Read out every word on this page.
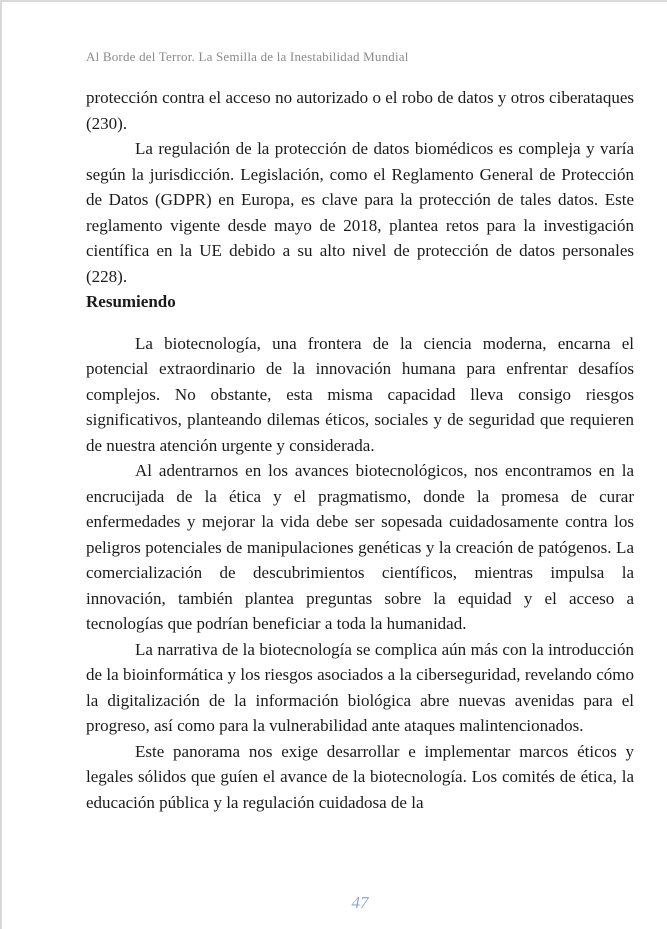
Al Borde del Terror. La Semilla de la Inestabilidad Mundial

protección contra el acceso no autorizado o el robo de datos y otros ciberataques (230).

La regulación de la protección de datos biomédicos es compleja y varía según la jurisdicción. Legislación, como el Reglamento General de Protección de Datos (GDPR) en Europa, es clave para la protección de tales datos. Este reglamento vigente desde mayo de 2018, plantea retos para la investigación científica en la UE debido a su alto nivel de protección de datos personales (228).

Resumiendo

La biotecnología, una frontera de la ciencia moderna, encarna el potencial extraordinario de la innovación humana para enfrentar desafíos complejos. No obstante, esta misma capacidad lleva consigo riesgos significativos, planteando dilemas éticos, sociales y de seguridad que requieren de nuestra atención urgente y considerada.

Al adentrarnos en los avances biotecnológicos, nos encontramos en la encrucijada de la ética y el pragmatismo, donde la promesa de curar enfermedades y mejorar la vida debe ser sopesada cuidadosamente contra los peligros potenciales de manipulaciones genéticas y la creación de patógenos. La comercialización de descubrimientos científicos, mientras impulsa la innovación, también plantea preguntas sobre la equidad y el acceso a tecnologías que podrían beneficiar a toda la humanidad.

La narrativa de la biotecnología se complica aún más con la introducción de la bioinformática y los riesgos asociados a la ciberseguridad, revelando cómo la digitalización de la información biológica abre nuevas avenidas para el progreso, así como para la vulnerabilidad ante ataques malintencionados.

Este panorama nos exige desarrollar e implementar marcos éticos y legales sólidos que guíen el avance de la biotecnología. Los comités de ética, la educación pública y la regulación cuidadosa de la

47
